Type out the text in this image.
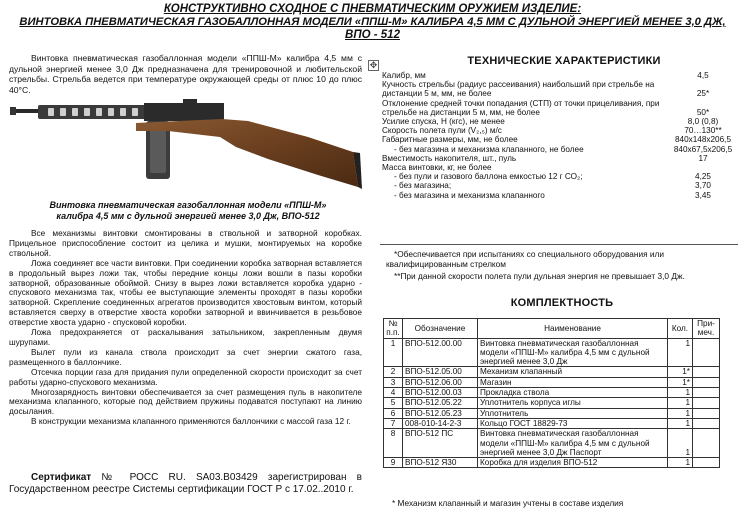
КОНСТРУКТИВНО СХОДНОЕ С ПНЕВМАТИЧЕСКИМ ОРУЖИЕМ ИЗДЕЛИЕ:
ВИНТОВКА ПНЕВМАТИЧЕСКАЯ ГАЗОБАЛЛОННАЯ МОДЕЛИ «ППШ-М» КАЛИБРА 4,5 ММ С ДУЛЬНОЙ ЭНЕРГИЕЙ МЕНЕЕ 3,0 ДЖ,
ВПО - 512
Винтовка пневматическая газобаллонная модели «ППШ-М» калибра 4,5 мм с дульной энергией менее 3,0 Дж предназначена для тренировочной и любительской стрельбы. Стрельба ведется при температуре окружающей среды от плюс 10 до плюс 40°С.
Винтовка пневматическая газобаллонная модели «ППШ-М» калибра 4,5 мм с дульной энергией менее 3,0 Дж, ВПО-512
Все механизмы винтовки смонтированы в ствольной и затворной коробках. Прицельное приспособление состоит из целика и мушки, монтируемых на коробке ствольной.
Ложа соединяет все части винтовки. При соединении коробка затворная вставляется в продольный вырез ложи так, чтобы передние концы ложи вошли в пазы коробки затворной, образованные обоймой. Снизу в вырез ложи вставляется коробка ударно - спускового механизма так, чтобы ее выступающие элементы проходят в пазы коробки затворной. Скрепление соединенных агрегатов производится хвостовым винтом, который вставляется сверху в отверстие хвоста коробки затворной и ввинчивается в резьбовое отверстие хвоста ударно - спусковой коробки.
Ложа предохраняется от раскалывания затыльником, закрепленным двумя шурупами.
Вылет пули из канала ствола происходит за счет энергии сжатого газа, размещенного в баллончике.
Отсечка порции газа для придания пули определенной скорости происходит за счет работы ударно-спускового механизма.
Многозарядность винтовки обеспечивается за счет размещения пуль в накопителе механизма клапанного, которые под действием пружины подаватся поступают на линию досылания.
В конструкции механизма клапанного применяются баллончики с массой газа 12 г.
Сертификат № РОСС RU. SA03.B03429 зарегистрирован в Государственном реестре Системы сертификации ГОСТ Р с 17.02..2010 г.
✥	ТЕХНИЧЕСКИЕ ХАРАКТЕРИСТИКИ
Калибр, мм	4,5
Кучность стрельбы (радиус рассеивания) наибольший при стрельбе на дистанции 5 м, мм, не более	25*
Отклонение средней точки попадания (СТП) от точки прицеливания, при стрельбе на дистанции 5 м, мм, не более	50*
Усилие спуска, Н (кгс), не менее	8,0 (0,8)
Скорость полета пули (V₂,₅) м/с	70…130**
Габаритные размеры, мм, не более	840х148х206,5
- без магазина и механизма клапанного, не более	840х67,5х206,5
Вместимость накопителя, шт., пуль	17
Масса винтовки, кг, не более	
- без пули и газового баллона емкостью 12 г СО₂;	4,25
- без магазина;	3,70
- без магазина и механизма клапанного	3,45
*Обеспечивается при испытаниях со специального оборудования или квалифицированным стрелком
**При данной скорости полета пули дульная энергия не превышает 3,0 Дж.
КОМПЛЕКТНОСТЬ
№ п.п.	Обозначение	Наименование	Кол.	При-меч.
1	ВПО-512.00.00	Винтовка пневматическая газобаллонная модели «ППШ-М» калибра 4,5 мм с дульной энергией менее 3,0 Дж	1	
2	ВПО-512.05.00	Механизм клапанный	1*	
3	ВПО-512.06.00	Магазин	1*	
4	ВПО-512.00.03	Прокладка ствола	1	
5	ВПО-512.05.22	Уплотнитель корпуса иглы	1	
6	ВПО-512.05.23	Уплотнитель	1	
7	008-010-14-2-3	Кольцо ГОСТ 18829-73	1	
8	ВПО-512 ПС	Винтовка пневматическая газобаллонная модели «ППШ-М» калибра 4,5 мм с дульной энергией менее 3,0 Дж Паспорт	1	
9	ВПО-512 Я30	Коробка для изделия ВПО-512	1	
* Механизм клапанный и магазин учтены в составе изделия
